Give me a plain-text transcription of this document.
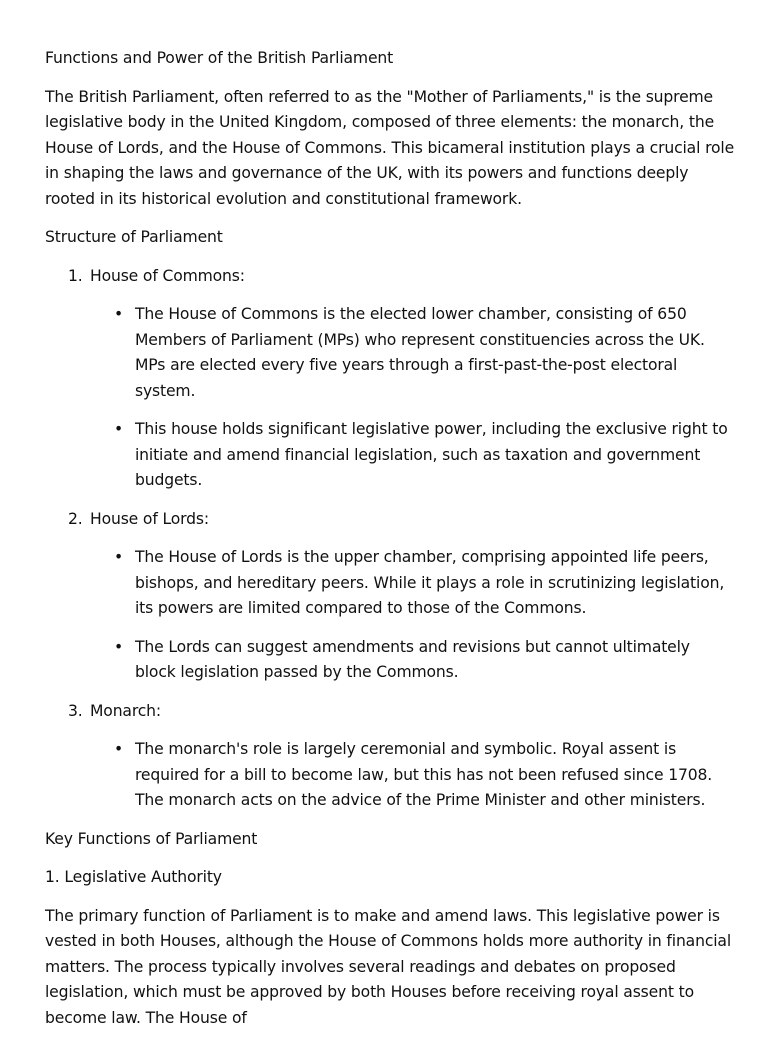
Functions and Power of the British Parliament

The British Parliament, often referred to as the "Mother of Parliaments," is the supreme legislative body in the United Kingdom, composed of three elements: the monarch, the House of Lords, and the House of Commons. This bicameral institution plays a crucial role in shaping the laws and governance of the UK, with its powers and functions deeply rooted in its historical evolution and constitutional framework.

Structure of Parliament

1. House of Commons:
• The House of Commons is the elected lower chamber, consisting of 650 Members of Parliament (MPs) who represent constituencies across the UK. MPs are elected every five years through a first-past-the-post electoral system.
• This house holds significant legislative power, including the exclusive right to initiate and amend financial legislation, such as taxation and government budgets.
2. House of Lords:
• The House of Lords is the upper chamber, comprising appointed life peers, bishops, and hereditary peers. While it plays a role in scrutinizing legislation, its powers are limited compared to those of the Commons.
• The Lords can suggest amendments and revisions but cannot ultimately block legislation passed by the Commons.
3. Monarch:
• The monarch's role is largely ceremonial and symbolic. Royal assent is required for a bill to become law, but this has not been refused since 1708. The monarch acts on the advice of the Prime Minister and other ministers.

Key Functions of Parliament

1. Legislative Authority

The primary function of Parliament is to make and amend laws. This legislative power is vested in both Houses, although the House of Commons holds more authority in financial matters. The process typically involves several readings and debates on proposed legislation, which must be approved by both Houses before receiving royal assent to become law. The House of
